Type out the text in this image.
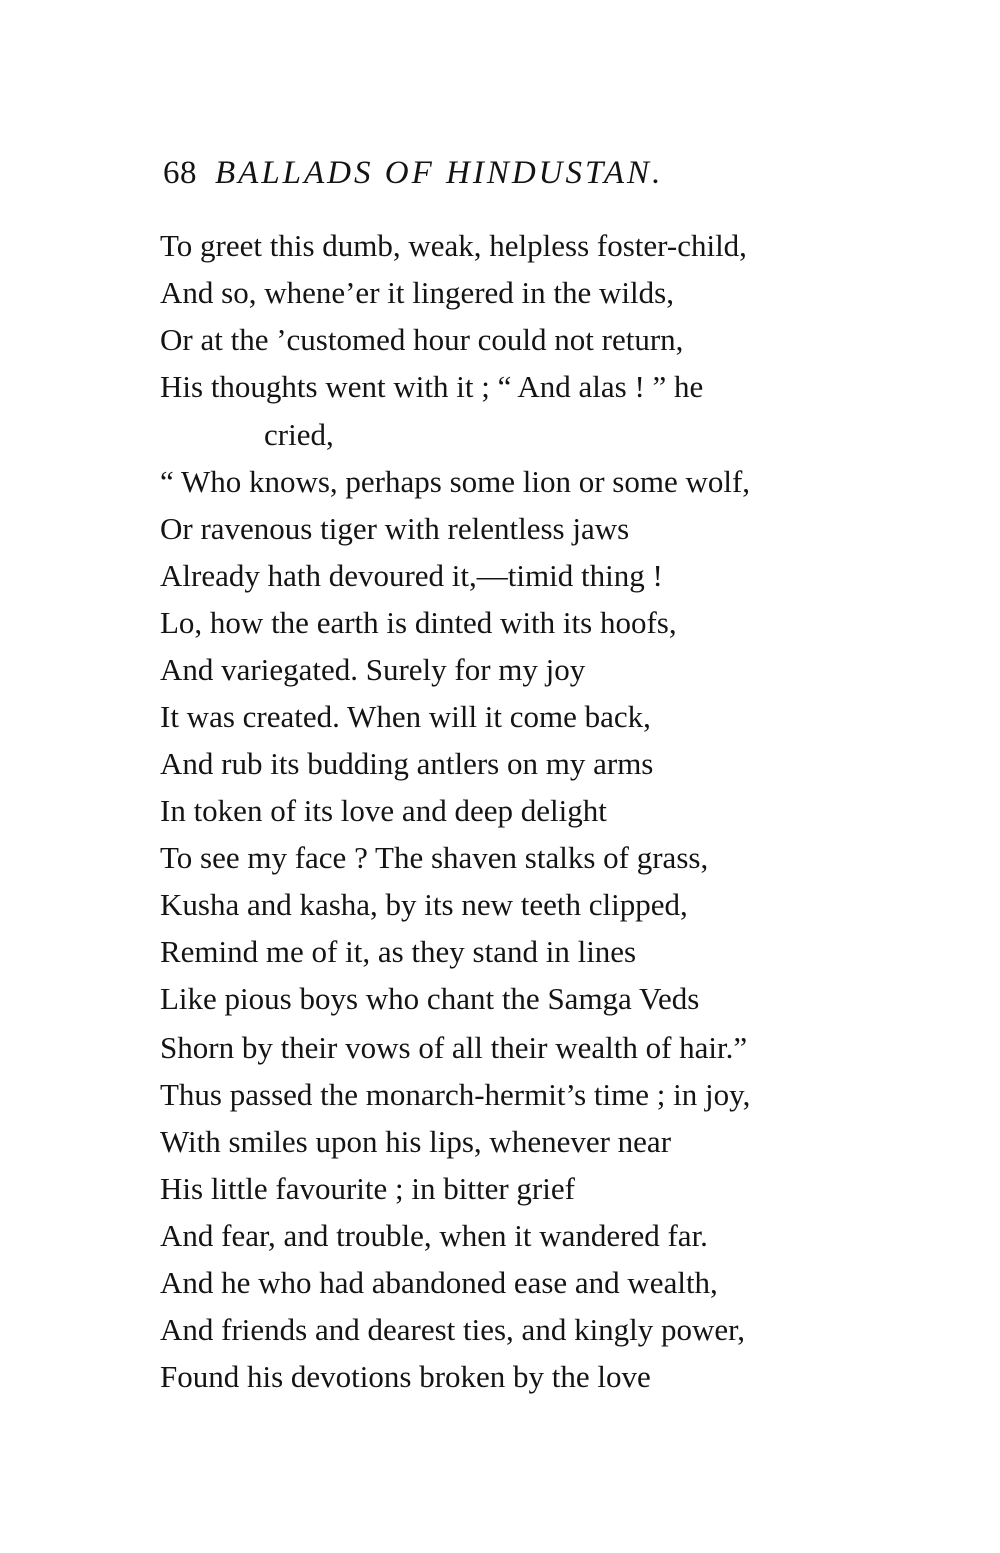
68 BALLADS OF HINDUSTAN.
To greet this dumb, weak, helpless foster-child,
And so, whene’er it lingered in the wilds,
Or at the ’customed hour could not return,
His thoughts went with it ; “ And alas ! ” he
cried,
“ Who knows, perhaps some lion or some wolf,
Or ravenous tiger with relentless jaws
Already hath devoured it,—timid thing !
Lo, how the earth is dinted with its hoofs,
And variegated. Surely for my joy
It was created. When will it come back,
And rub its budding antlers on my arms
In token of its love and deep delight
To see my face ? The shaven stalks of grass,
Kusha and kasha, by its new teeth clipped,
Remind me of it, as they stand in lines
Like pious boys who chant the Samga Veds
Shorn by their vows of all their wealth of hair.”
Thus passed the monarch-hermit’s time ; in joy,
With smiles upon his lips, whenever near
His little favourite ; in bitter grief
And fear, and trouble, when it wandered far.
And he who had abandoned ease and wealth,
And friends and dearest ties, and kingly power,
Found his devotions broken by the love
